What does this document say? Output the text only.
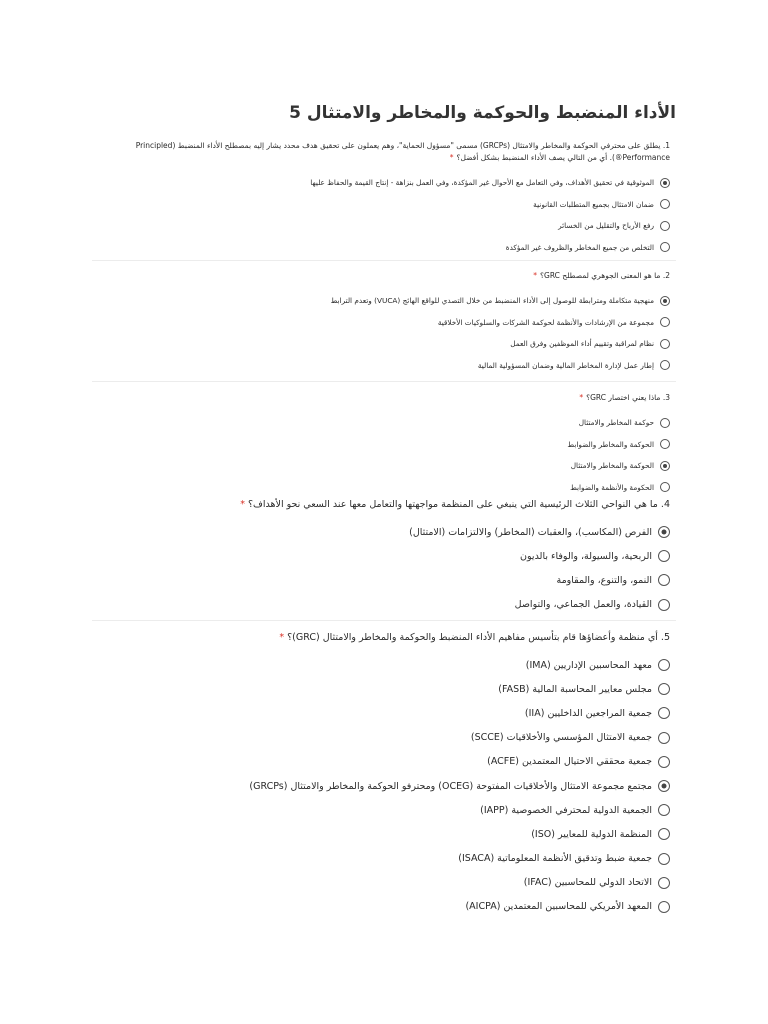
الأداء المنضبط والحوكمة والمخاطر والامتثال 5

1. يطلق على محترفي الحوكمة والمخاطر والامتثال (GRCPs) مسمى "مسؤول الحماية"، وهم يعملون على تحقيق هدف محدد يشار إليه بمصطلح الأداء المنضبط (Principled Performance®). أي من التالي يصف الأداء المنضبط بشكل أفضل؟*

الموثوقية في تحقيق الأهداف، وفي التعامل مع الأحوال غير المؤكدة، وفي العمل بنزاهة - إنتاج القيمة والحفاظ عليها
ضمان الامتثال بجميع المتطلبات القانونية
رفع الأرباح والتقليل من الخسائر
التخلص من جميع المخاطر والظروف غير المؤكدة

2. ما هو المعنى الجوهري لمصطلح GRC؟*

منهجية متكاملة ومترابطة للوصول إلى الأداء المنضبط من خلال التصدي للواقع الهائج (VUCA) وتعدم الترابط
مجموعة من الإرشادات والأنظمة لحوكمة الشركات والسلوكيات الأخلاقية
نظام لمراقبة وتقييم أداء الموظفين وفرق العمل
إطار عمل لإدارة المخاطر المالية وضمان المسؤولية المالية

3. ماذا يعني اختصار GRC؟*

حوكمة المخاطر والامتثال
الحوكمة والمخاطر والضوابط
الحوكمة والمخاطر والامتثال
الحكومة والأنظمة والضوابط

4. ما هي النواحي الثلاث الرئيسية التي ينبغي على المنظمة مواجهتها والتعامل معها عند السعي نحو الأهداف؟*

الفرص (المكاسب)، والعقبات (المخاطر) والالتزامات (الامتثال)
الربحية، والسيولة، والوفاء بالديون
النمو، والتنوع، والمقاومة
القيادة، والعمل الجماعي، والتواصل

5. أي منظمة وأعضاؤها قام بتأسيس مفاهيم الأداء المنضبط والحوكمة والمخاطر والامتثال (GRC)؟*

معهد المحاسبين الإداريين (IMA)
مجلس معايير المحاسبة المالية (FASB)
جمعية المراجعين الداخليين (IIA)
جمعية الامتثال المؤسسي والأخلاقيات (SCCE)
جمعية محققي الاحتيال المعتمدين (ACFE)
مجتمع مجموعة الامتثال والأخلاقيات المفتوحة (OCEG) ومحترفو الحوكمة والمخاطر والامتثال (GRCPs)
الجمعية الدولية لمحترفي الخصوصية (IAPP)
المنظمة الدولية للمعايير (ISO)
جمعية ضبط وتدقيق الأنظمة المعلوماتية (ISACA)
الاتحاد الدولي للمحاسبين (IFAC)
المعهد الأمريكي للمحاسبين المعتمدين (AICPA)
